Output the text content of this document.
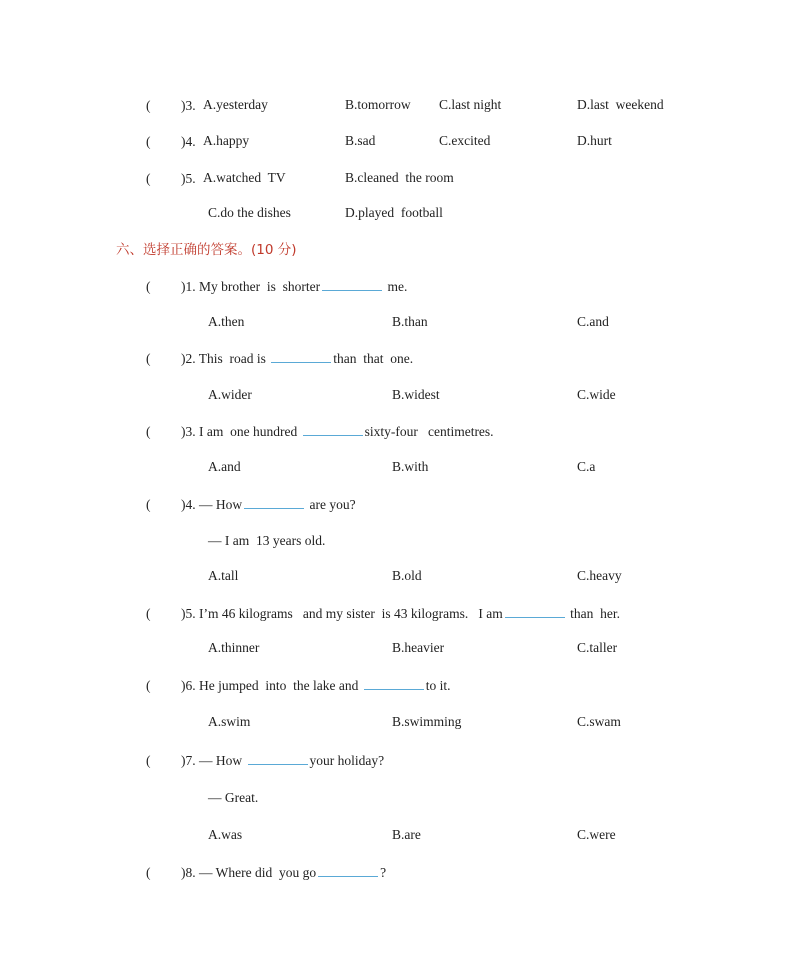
( )3. A.yesterday	B.tomorrow C.last night	D.last  weekend
( )4. A.happy	B.sad	C.excited	D.hurt
( )5. A.watched  TV	B.cleaned  the room
C.do the dishes	D.played  football
六、选择正确的答案。(10 分)
( )1. My brother  is  shorter	me.
A.then	B.than	C.and
( )2. This  road is	than  that  one.
A.wider	B.widest	C.wide
( )3. I am  one hundred	sixty-four   centimetres.
A.and	B.with	C.a
( )4. — How	are you?
— I am  13 years old.
A.tall	B.old	C.heavy
( )5. I’m 46 kilograms   and my sister  is 43 kilograms.   I am	than  her.
A.thinner	B.heavier	C.taller
( )6. He jumped  into  the lake and	to it.
A.swim	B.swimming	C.swam
( )7. — How	your holiday?
— Great.
A.was	B.are	C.were
( )8. — Where did  you go	?
